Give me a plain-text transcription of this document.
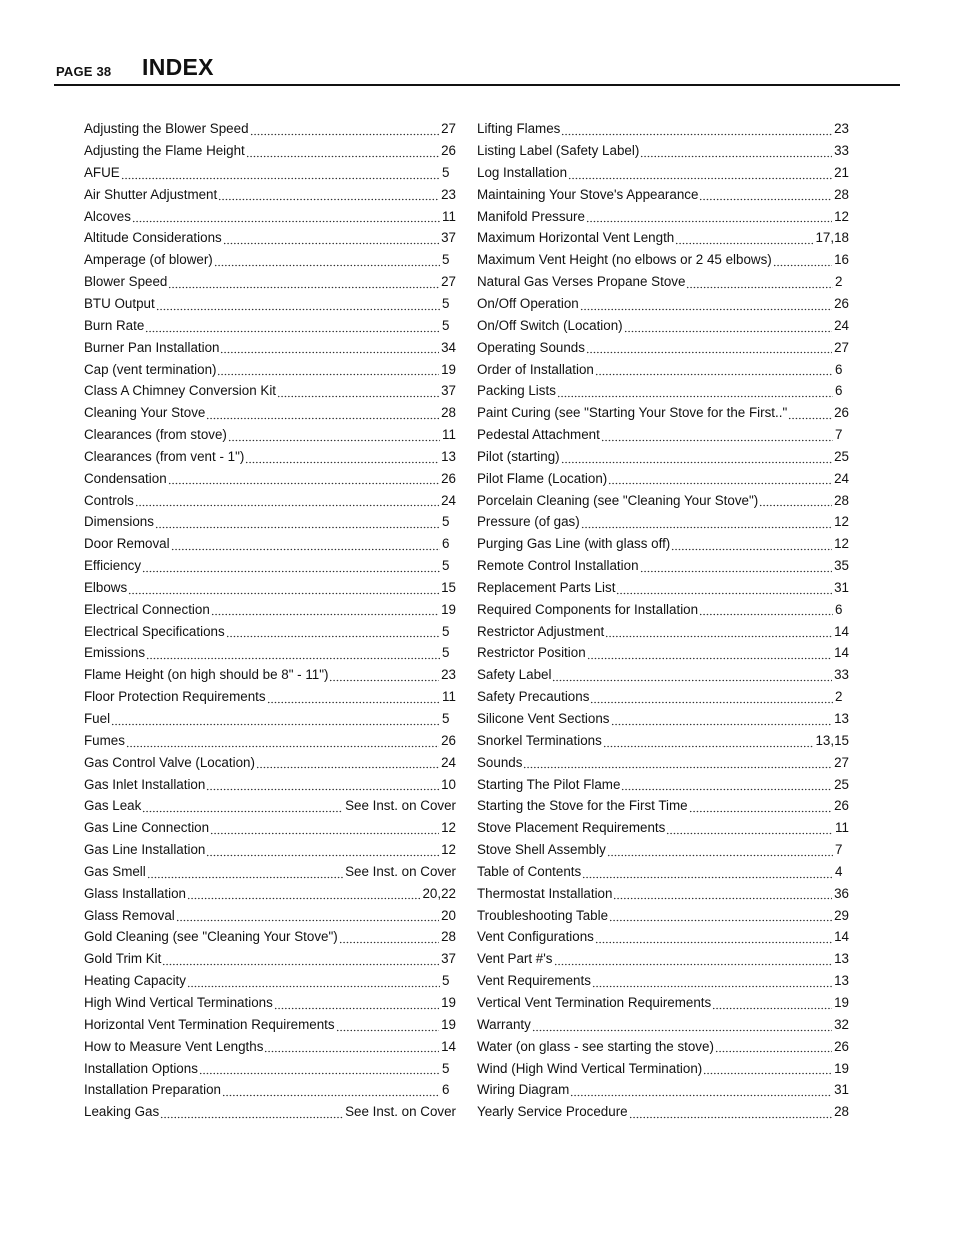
PAGE 38 INDEX
Adjusting the Blower Speed	27
Adjusting the Flame Height	26
AFUE	5
Air Shutter Adjustment	23
Alcoves	11
Altitude Considerations	37
Amperage (of blower)	5
Blower Speed	27
BTU Output	5
Burn Rate	5
Burner Pan Installation	34
Cap (vent termination)	19
Class A Chimney Conversion Kit	37
Cleaning Your Stove	28
Clearances (from stove)	11
Clearances (from vent - 1")	13
Condensation	26
Controls	24
Dimensions	5
Door Removal	6
Efficiency	5
Elbows	15
Electrical Connection	19
Electrical Specifications	5
Emissions	5
Flame Height (on high should be 8" - 11")	23
Floor Protection Requirements	11
Fuel	5
Fumes	26
Gas Control Valve (Location)	24
Gas Inlet Installation	10
Gas Leak	See Inst. on Cover
Gas Line Connection	12
Gas Line Installation	12
Gas Smell	See Inst. on Cover
Glass Installation	20,22
Glass Removal	20
Gold Cleaning (see "Cleaning Your Stove")	28
Gold Trim Kit	37
Heating Capacity	5
High Wind Vertical Terminations	19
Horizontal Vent Termination Requirements	19
How to Measure Vent Lengths	14
Installation Options	5
Installation Preparation	6
Leaking Gas	See Inst. on Cover
Lifting Flames	23
Listing Label (Safety Label)	33
Log Installation	21
Maintaining Your Stove's Appearance	28
Manifold Pressure	12
Maximum Horizontal Vent Length	17,18
Maximum Vent Height (no elbows or 2 45 elbows)	16
Natural Gas Verses Propane Stove	2
On/Off Operation	26
On/Off Switch (Location)	24
Operating Sounds	27
Order of Installation	6
Packing Lists	6
Paint Curing (see "Starting Your Stove for the First.."	26
Pedestal Attachment	7
Pilot (starting)	25
Pilot Flame (Location)	24
Porcelain Cleaning (see "Cleaning Your Stove")	28
Pressure (of gas)	12
Purging Gas Line (with glass off)	12
Remote Control Installation	35
Replacement Parts List	31
Required Components for Installation	6
Restrictor Adjustment	14
Restrictor Position	14
Safety Label	33
Safety Precautions	2
Silicone Vent Sections	13
Snorkel Terminations	13,15
Sounds	27
Starting The Pilot Flame	25
Starting the Stove for the First Time	26
Stove Placement Requirements	11
Stove Shell Assembly	7
Table of Contents	4
Thermostat Installation	36
Troubleshooting Table	29
Vent Configurations	14
Vent Part #'s	13
Vent Requirements	13
Vertical Vent Termination Requirements	19
Warranty	32
Water (on glass - see starting the stove)	26
Wind (High Wind Vertical Termination)	19
Wiring Diagram	31
Yearly Service Procedure	28
